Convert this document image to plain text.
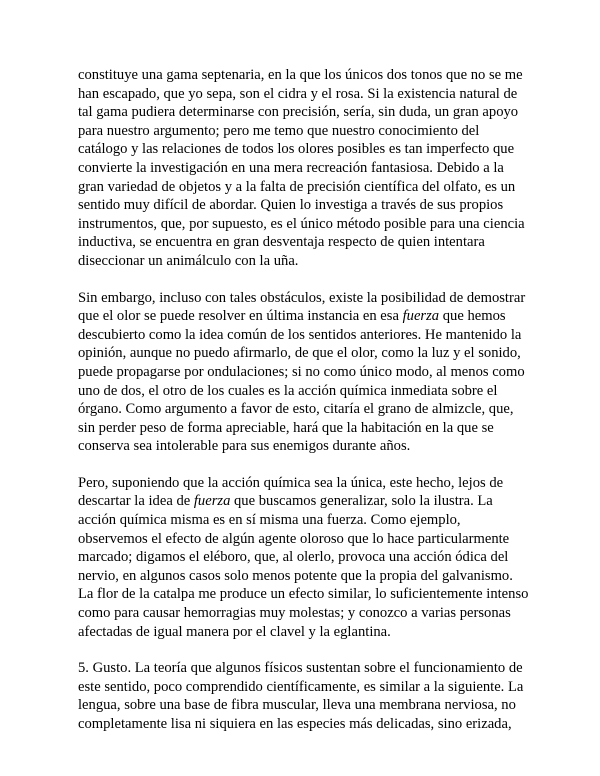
constituye una gama septenaria, en la que los únicos dos tonos que no se me han escapado, que yo sepa, son el cidra y el rosa. Si la existencia natural de tal gama pudiera determinarse con precisión, sería, sin duda, un gran apoyo para nuestro argumento; pero me temo que nuestro conocimiento del catálogo y las relaciones de todos los olores posibles es tan imperfecto que convierte la investigación en una mera recreación fantasiosa. Debido a la gran variedad de objetos y a la falta de precisión científica del olfato, es un sentido muy difícil de abordar. Quien lo investiga a través de sus propios instrumentos, que, por supuesto, es el único método posible para una ciencia inductiva, se encuentra en gran desventaja respecto de quien intentara diseccionar un animálculo con la uña.

Sin embargo, incluso con tales obstáculos, existe la posibilidad de demostrar que el olor se puede resolver en última instancia en esa fuerza que hemos descubierto como la idea común de los sentidos anteriores. He mantenido la opinión, aunque no puedo afirmarlo, de que el olor, como la luz y el sonido, puede propagarse por ondulaciones; si no como único modo, al menos como uno de dos, el otro de los cuales es la acción química inmediata sobre el órgano. Como argumento a favor de esto, citaría el grano de almizcle, que, sin perder peso de forma apreciable, hará que la habitación en la que se conserva sea intolerable para sus enemigos durante años.

Pero, suponiendo que la acción química sea la única, este hecho, lejos de descartar la idea de fuerza que buscamos generalizar, solo la ilustra. La acción química misma es en sí misma una fuerza. Como ejemplo, observemos el efecto de algún agente oloroso que lo hace particularmente marcado; digamos el eléboro, que, al olerlo, provoca una acción ódica del nervio, en algunos casos solo menos potente que la propia del galvanismo. La flor de la catalpa me produce un efecto similar, lo suficientemente intenso como para causar hemorragias muy molestas; y conozco a varias personas afectadas de igual manera por el clavel y la eglantina.

5. Gusto. La teoría que algunos físicos sustentan sobre el funcionamiento de este sentido, poco comprendido científicamente, es similar a la siguiente. La lengua, sobre una base de fibra muscular, lleva una membrana nerviosa, no completamente lisa ni siquiera en las especies más delicadas, sino erizada,
